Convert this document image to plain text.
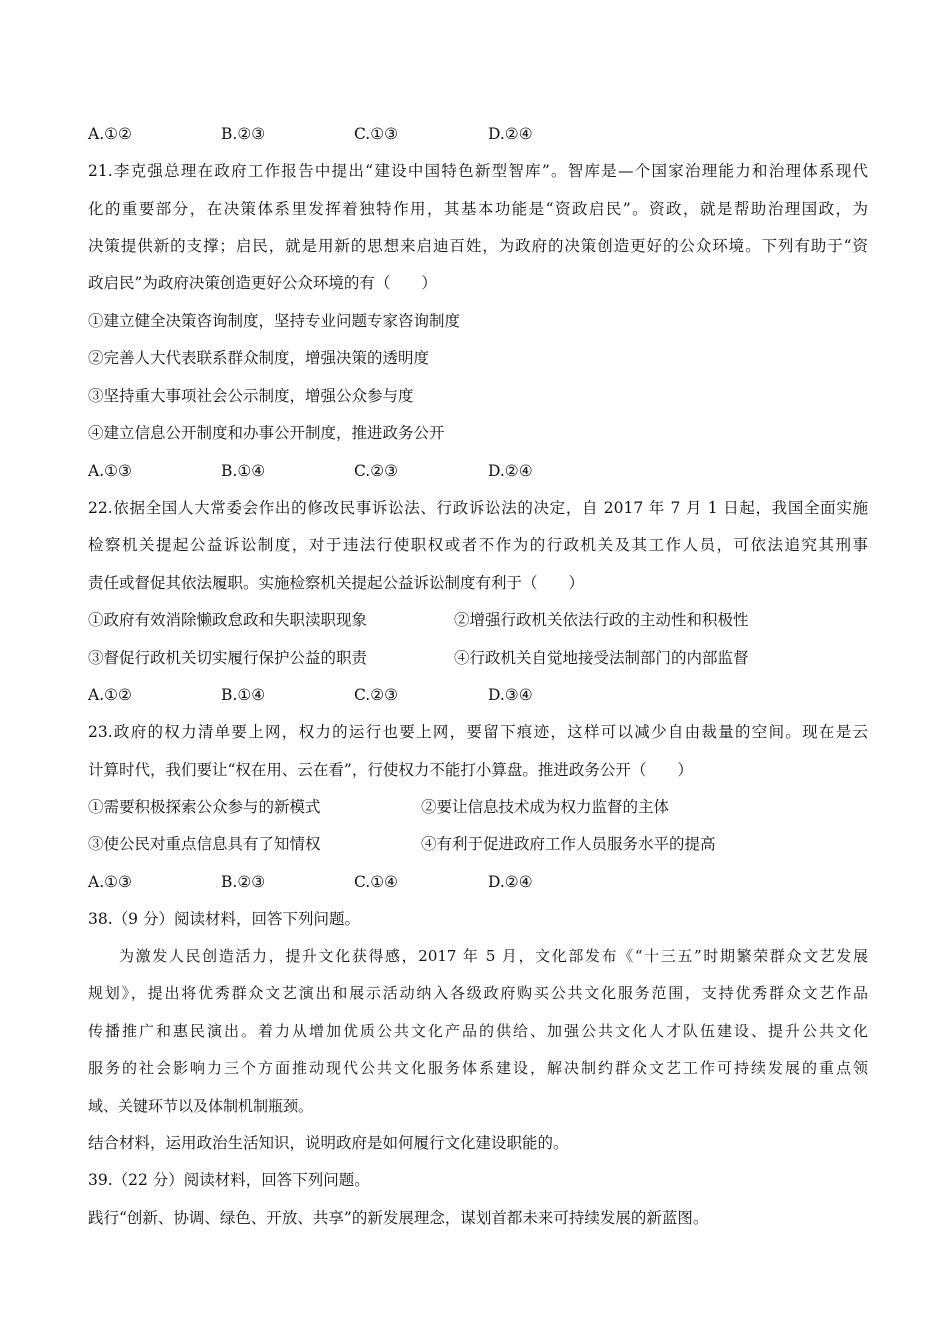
A.①②	B.②③	C.①③	D.②④
21.李克强总理在政府工作报告中提出“建设中国特色新型智库”。智库是—个国家治理能力和治理体系现代
化的重要部分，在决策体系里发挥着独特作用，其基本功能是“资政启民”。资政，就是帮助治理国政，为
决策提供新的支撑；启民，就是用新的思想来启迪百姓，为政府的决策创造更好的公众环境。下列有助于“资
政启民”为政府决策创造更好公众环境的有（　　）
①建立健全决策咨询制度，坚持专业问题专家咨询制度
②完善人大代表联系群众制度，增强决策的透明度
③坚持重大事项社会公示制度，增强公众参与度
④建立信息公开制度和办事公开制度，推进政务公开
A.①③	B.①④	C.②③	D.②④
22.依据全国人大常委会作出的修改民事诉讼法、行政诉讼法的决定，自 2017 年 7 月 1 日起，我国全面实施
检察机关提起公益诉讼制度，对于违法行使职权或者不作为的行政机关及其工作人员，可依法追究其刑事
责任或督促其依法履职。实施检察机关提起公益诉讼制度有利于（　　）
①政府有效消除懒政怠政和失职渎职现象	②增强行政机关依法行政的主动性和积极性
③督促行政机关切实履行保护公益的职责	④行政机关自觉地接受法制部门的内部监督
A.①②	B.①④	C.②③	D.③④
23.政府的权力清单要上网，权力的运行也要上网，要留下痕迹，这样可以减少自由裁量的空间。现在是云
计算时代，我们要让“权在用、云在看”，行使权力不能打小算盘。推进政务公开（　　）
①需要积极探索公众参与的新模式	②要让信息技术成为权力监督的主体
③使公民对重点信息具有了知情权	④有利于促进政府工作人员服务水平的提高
A.①③	B.②③	C.①④	D.②④
38.（9 分）阅读材料，回答下列问题。
为激发人民创造活力，提升文化获得感，2017 年 5 月，文化部发布《“十三五”时期繁荣群众文艺发展
规划》，提出将优秀群众文艺演出和展示活动纳入各级政府购买公共文化服务范围，支持优秀群众文艺作品
传播推广和惠民演出。着力从增加优质公共文化产品的供给、加强公共文化人才队伍建设、提升公共文化
服务的社会影响力三个方面推动现代公共文化服务体系建设，解决制约群众文艺工作可持续发展的重点领
域、关键环节以及体制机制瓶颈。
结合材料，运用政治生活知识，说明政府是如何履行文化建设职能的。
39.（22 分）阅读材料，回答下列问题。
践行“创新、协调、绿色、开放、共享”的新发展理念，谋划首都未来可持续发展的新蓝图。
